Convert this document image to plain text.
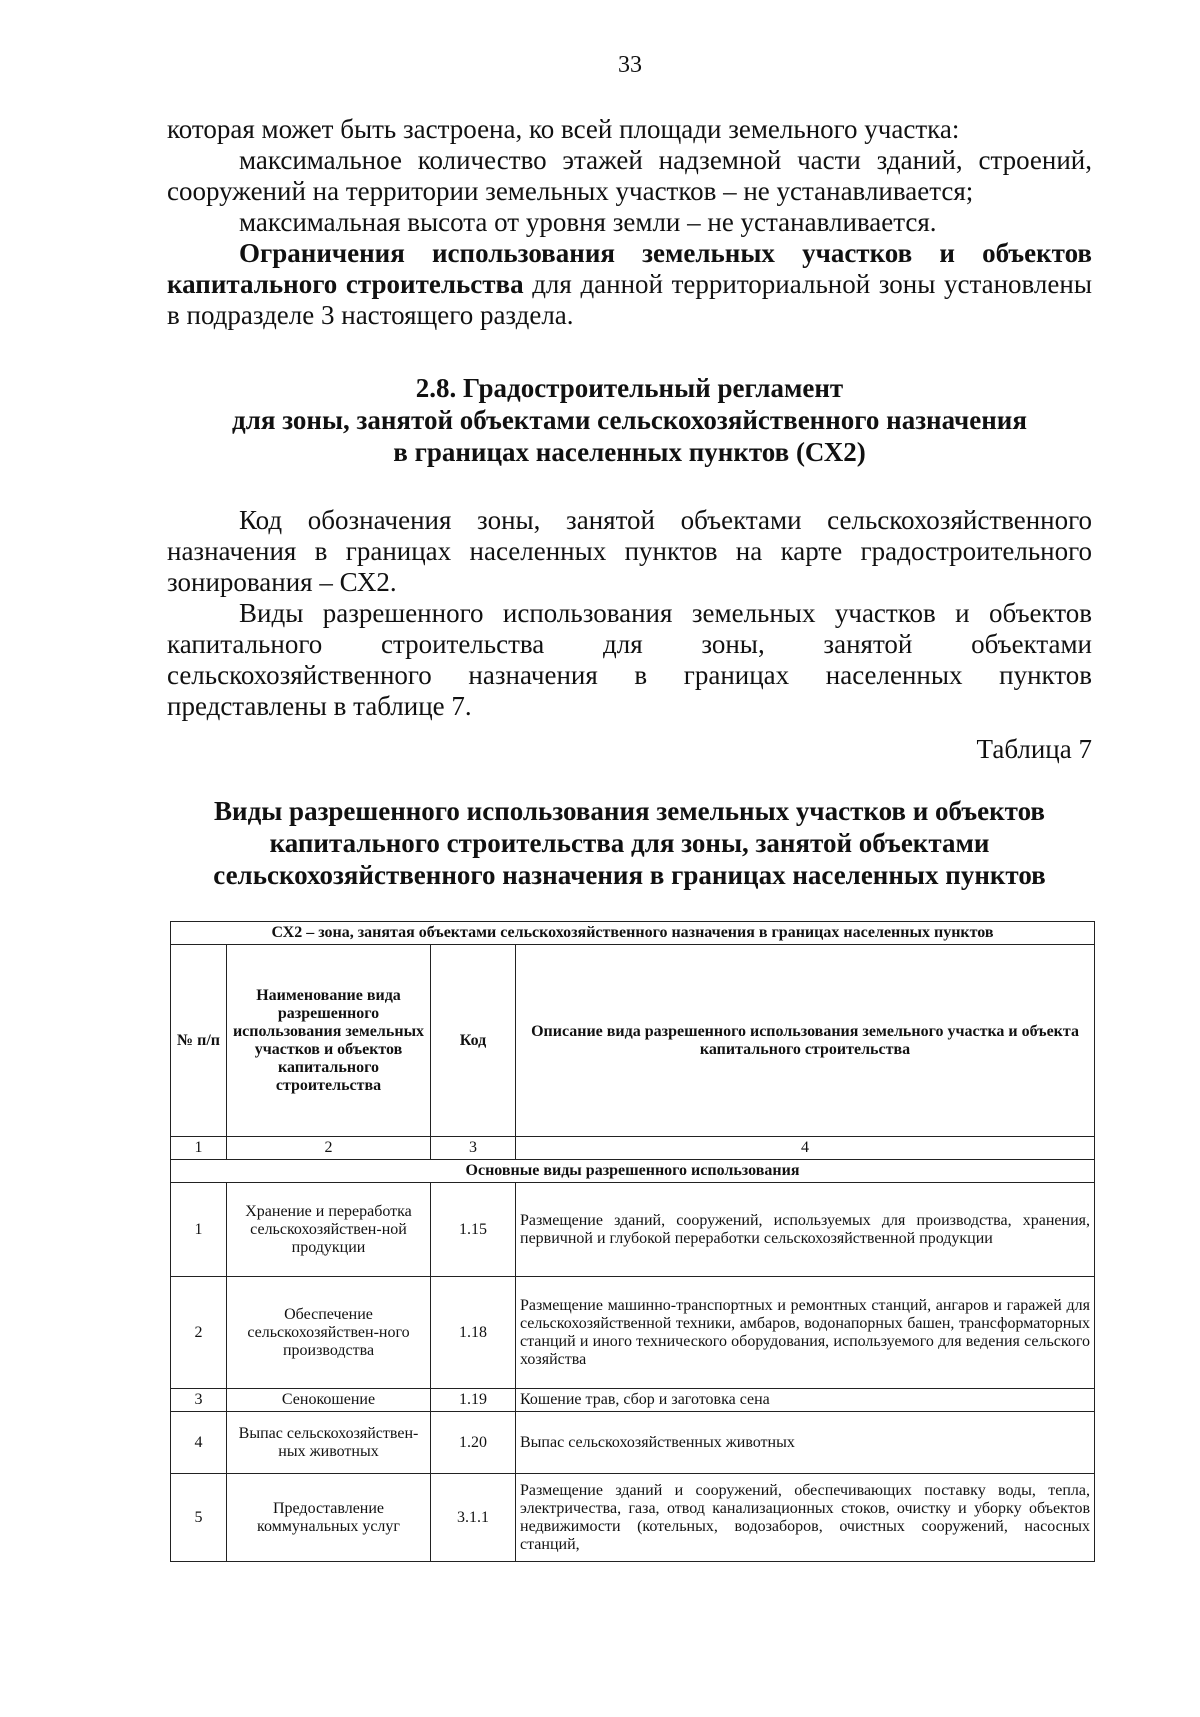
33

которая может быть застроена, ко всей площади земельного участка:

максимальное количество этажей надземной части зданий, строений, сооружений на территории земельных участков – не устанавливается;

максимальная высота от уровня земли – не устанавливается.

Ограничения использования земельных участков и объектов капитального строительства для данной территориальной зоны установлены в подразделе 3 настоящего раздела.

2.8. Градостроительный регламент
для зоны, занятой объектами сельскохозяйственного назначения
в границах населенных пунктов (СХ2)

Код обозначения зоны, занятой объектами сельскохозяйственного назначения в границах населенных пунктов на карте градостроительного зонирования – СХ2.

Виды разрешенного использования земельных участков и объектов капитального строительства для зоны, занятой объектами сельскохозяйственного назначения в границах населенных пунктов представлены в таблице 7.

Таблица 7
Виды разрешенного использования земельных участков и объектов
капитального строительства для зоны, занятой объектами
сельскохозяйственного назначения в границах населенных пунктов
СХ2 – зона, занятая объектами сельскохозяйственного назначения в границах населенных пунктов			
№ п/п	Наименование вида разрешенного использования земельных участков и объектов капитального строительства	Код	Описание вида разрешенного использования земельного участка и объекта капитального строительства
1	2	3	4
Основные виды разрешенного использования			
1	Хранение и переработка сельскохозяйствен-ной продукции	1.15	Размещение зданий, сооружений, используемых для производства, хранения, первичной и глубокой переработки сельскохозяйственной продукции
2	Обеспечение сельскохозяйствен-ного производства	1.18	Размещение машинно-транспортных и ремонтных станций, ангаров и гаражей для сельскохозяйственной техники, амбаров, водонапорных башен, трансформаторных станций и иного технического оборудования, используемого для ведения сельского хозяйства
3	Сенокошение	1.19	Кошение трав, сбор и заготовка сена
4	Выпас сельскохозяйствен-ных животных	1.20	Выпас сельскохозяйственных животных
5	Предоставление коммунальных услуг	3.1.1	Размещение зданий и сооружений, обеспечивающих поставку воды, тепла, электричества, газа, отвод канализационных стоков, очистку и уборку объектов недвижимости (котельных, водозаборов, очистных сооружений, насосных станций,
